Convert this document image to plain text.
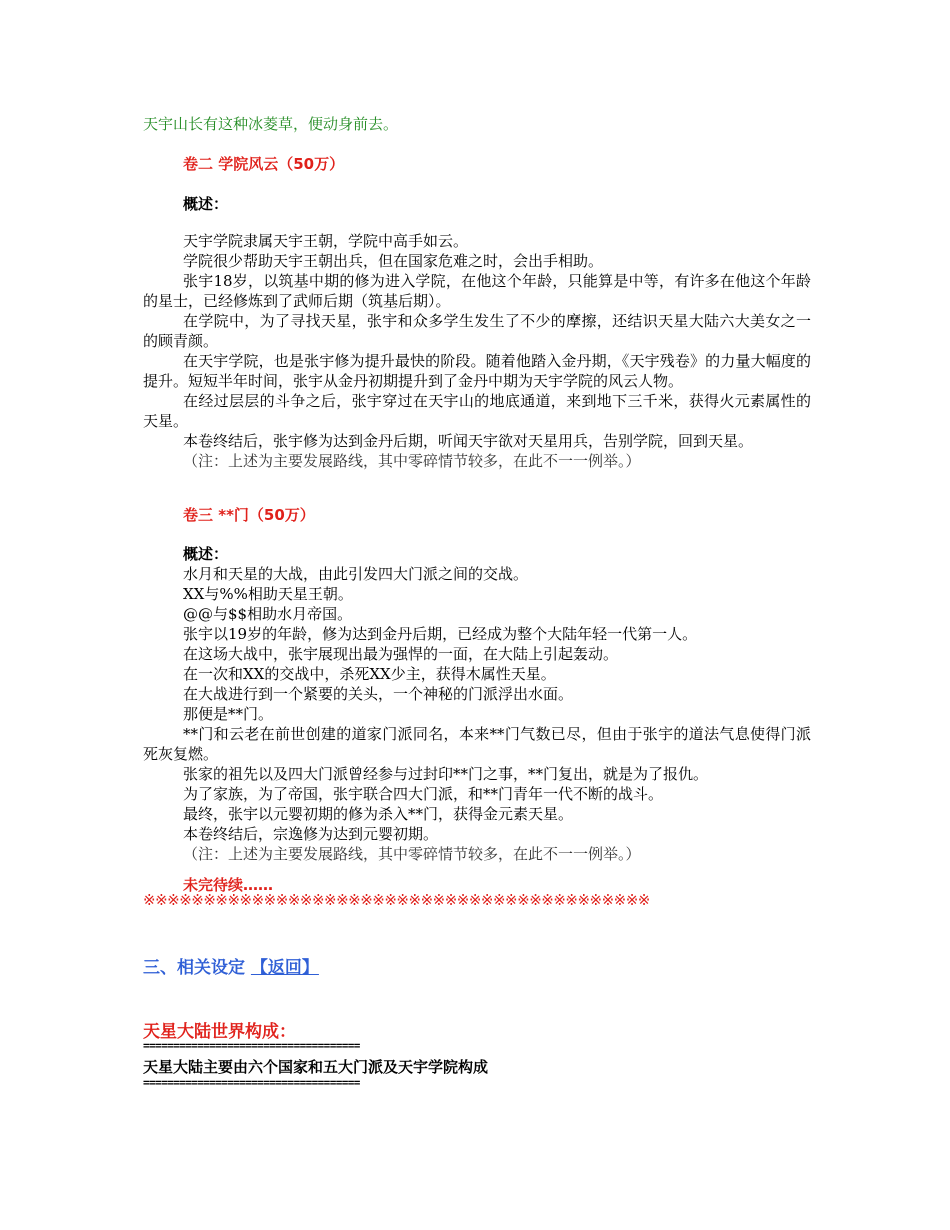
天宇山长有这种冰菱草，便动身前去。
卷二 学院风云（50万）
概述：

天宇学院隶属天宇王朝，学院中高手如云。

学院很少帮助天宇王朝出兵，但在国家危难之时，会出手相助。

张宇18岁，以筑基中期的修为进入学院，在他这个年龄，只能算是中等，有许多在他这个年龄的星士，已经修炼到了武师后期（筑基后期）。

在学院中，为了寻找天星，张宇和众多学生发生了不少的摩擦，还结识天星大陆六大美女之一的顾青颜。

在天宇学院，也是张宇修为提升最快的阶段。随着他踏入金丹期，《天宇残卷》的力量大幅度的提升。短短半年时间，张宇从金丹初期提升到了金丹中期为天宇学院的风云人物。

在经过层层的斗争之后，张宇穿过在天宇山的地底通道，来到地下三千米，获得火元素属性的天星。

本卷终结后，张宇修为达到金丹后期，听闻天宇欲对天星用兵，告别学院，回到天星。

（注：上述为主要发展路线，其中零碎情节较多，在此不一一例举。）

卷三 **门（50万）

概述：

水月和天星的大战，由此引发四大门派之间的交战。

XX与%%相助天星王朝。

@@与$$相助水月帝国。

张宇以19岁的年龄，修为达到金丹后期，已经成为整个大陆年轻一代第一人。

在这场大战中，张宇展现出最为强悍的一面，在大陆上引起轰动。

在一次和XX的交战中，杀死XX少主，获得木属性天星。

在大战进行到一个紧要的关头，一个神秘的门派浮出水面。

那便是**门。

**门和云老在前世创建的道家门派同名，本来**门气数已尽，但由于张宇的道法气息使得门派死灰复燃。

张家的祖先以及四大门派曾经参与过封印**门之事，**门复出，就是为了报仇。

为了家族，为了帝国，张宇联合四大门派，和**门青年一代不断的战斗。

最终，张宇以元婴初期的修为杀入**门，获得金元素天星。

本卷终结后，宗逸修为达到元婴初期。

（注：上述为主要发展路线，其中零碎情节较多，在此不一一例举。）

未完待续……
※※※※※※※※※※※※※※※※※※※※※※※※※※※※※※※※※※※※※※※※※※
三、相关设定 【返回】
天星大陆世界构成：
====================================
天星大陆主要由六个国家和五大门派及天宇学院构成
====================================
